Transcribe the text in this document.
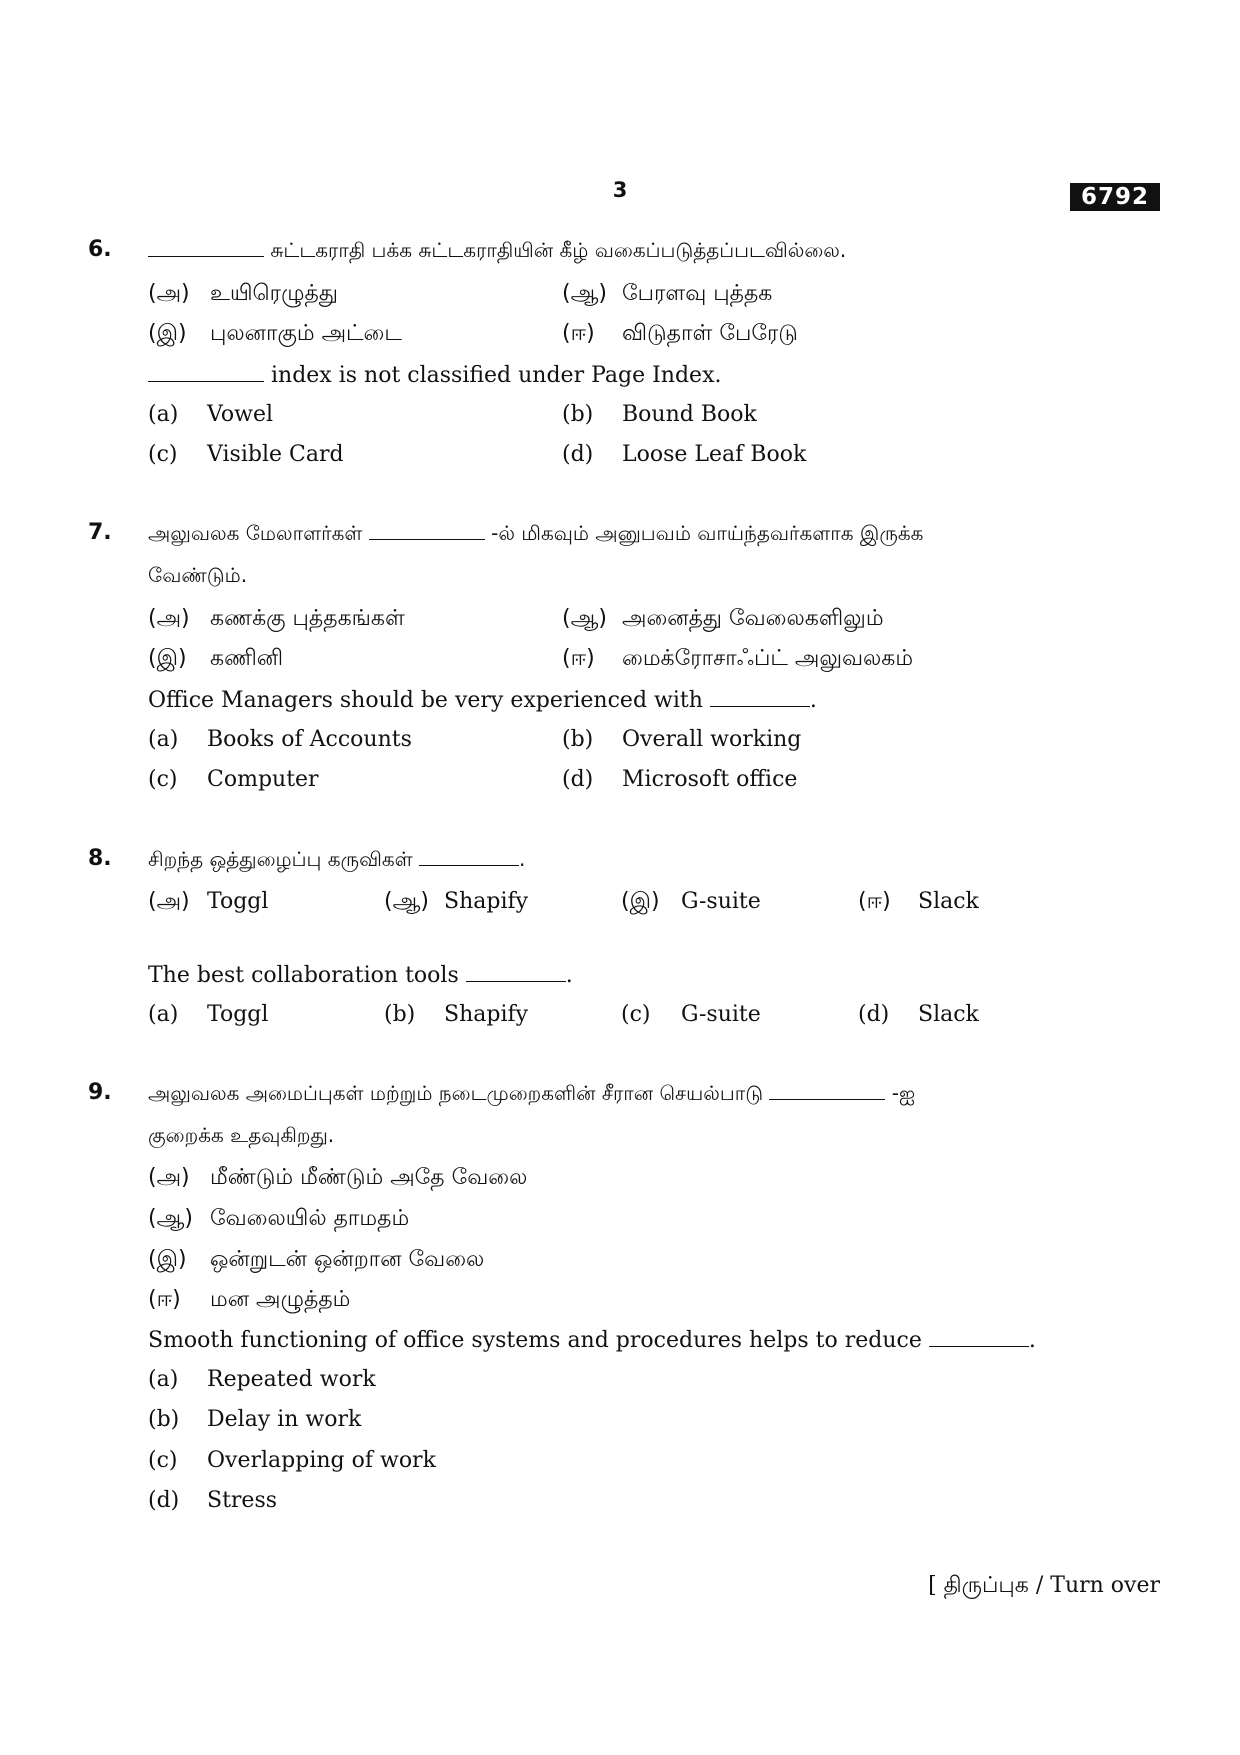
3	6792
6.	சுட்டகராதி பக்க சுட்டகராதியின் கீழ் வகைப்படுத்தப்படவில்லை.
(அ) உயிரெழுத்து	(ஆ) பேரளவு புத்தக
(இ) புலனாகும் அட்டை	(ஈ) விடுதாள் பேரேடு
index is not classified under Page Index.
(a) Vowel	(b) Bound Book
(c) Visible Card	(d) Loose Leaf Book
7. அலுவலக மேலாளர்கள்	-ல் மிகவும் அனுபவம் வாய்ந்தவர்களாக இருக்க
வேண்டும்.
(அ) கணக்கு புத்தகங்கள்	(ஆ) அனைத்து வேலைகளிலும்
(இ) கணினி	(ஈ) மைக்ரோசாஃப்ட் அலுவலகம்
Office Managers should be very experienced with	.
(a) Books of Accounts	(b) Overall working
(c) Computer	(d) Microsoft office
8. சிறந்த ஒத்துழைப்பு கருவிகள்	.
(அ) Toggl	(ஆ) Shapify	(இ) G-suite	(ஈ) Slack
The best collaboration tools	.
(a) Toggl	(b) Shapify	(c) G-suite	(d) Slack
9. அலுவலக அமைப்புகள் மற்றும் நடைமுறைகளின் சீரான செயல்பாடு	-ஐ
குறைக்க உதவுகிறது.
(அ) மீண்டும் மீண்டும் அதே வேலை
(ஆ) வேலையில் தாமதம்
(இ) ஒன்றுடன் ஒன்றான வேலை
(ஈ) மன அழுத்தம்
Smooth functioning of office systems and procedures helps to reduce	.
(a) Repeated work
(b) Delay in work
(c) Overlapping of work
(d) Stress
[ திருப்புக / Turn over
